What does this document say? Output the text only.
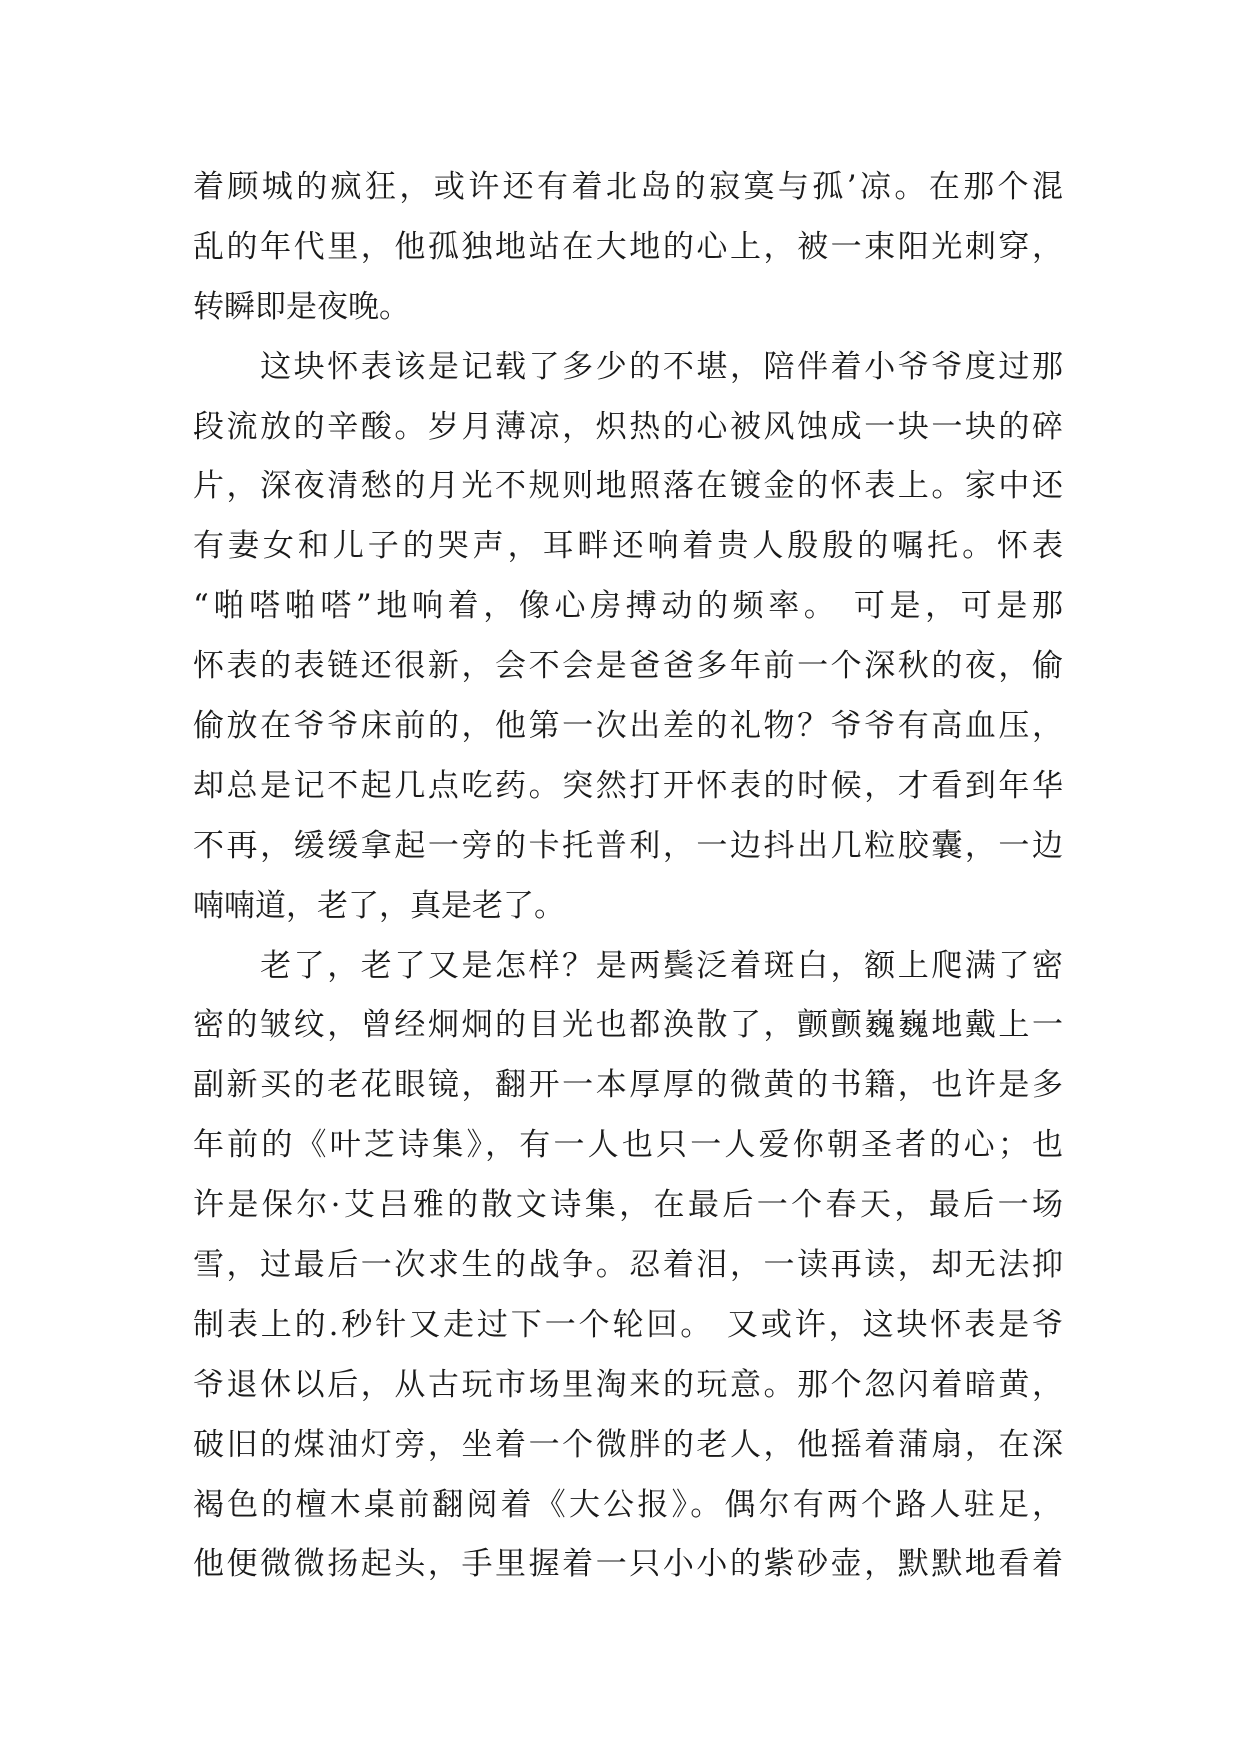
着顾城的疯狂，或许还有着北岛的寂寞与孤’凉。在那个混
乱的年代里，他孤独地站在大地的心上，被一束阳光刺穿，
转瞬即是夜晚。
　　这块怀表该是记载了多少的不堪，陪伴着小爷爷度过那
段流放的辛酸。岁月薄凉，炽热的心被风蚀成一块一块的碎
片，深夜清愁的月光不规则地照落在镀金的怀表上。家中还
有妻女和儿子的哭声，耳畔还响着贵人殷殷的嘱托。怀表
“啪嗒啪嗒”地响着，像心房搏动的频率。 可是，可是那
怀表的表链还很新，会不会是爸爸多年前一个深秋的夜，偷
偷放在爷爷床前的，他第一次出差的礼物？爷爷有高血压，
却总是记不起几点吃药。突然打开怀表的时候，才看到年华
不再，缓缓拿起一旁的卡托普利，一边抖出几粒胶囊，一边
喃喃道，老了，真是老了。
　　老了，老了又是怎样？是两鬓泛着斑白，额上爬满了密
密的皱纹，曾经炯炯的目光也都涣散了，颤颤巍巍地戴上一
副新买的老花眼镜，翻开一本厚厚的微黄的书籍，也许是多
年前的《叶芝诗集》，有一人也只一人爱你朝圣者的心；也
许是保尔·艾吕雅的散文诗集，在最后一个春天，最后一场
雪，过最后一次求生的战争。忍着泪，一读再读，却无法抑
制表上的.秒针又走过下一个轮回。 又或许，这块怀表是爷
爷退休以后，从古玩市场里淘来的玩意。那个忽闪着暗黄，
破旧的煤油灯旁，坐着一个微胖的老人，他摇着蒲扇，在深
褐色的檀木桌前翻阅着《大公报》。偶尔有两个路人驻足，
他便微微扬起头，手里握着一只小小的紫砂壶，默默地看着
